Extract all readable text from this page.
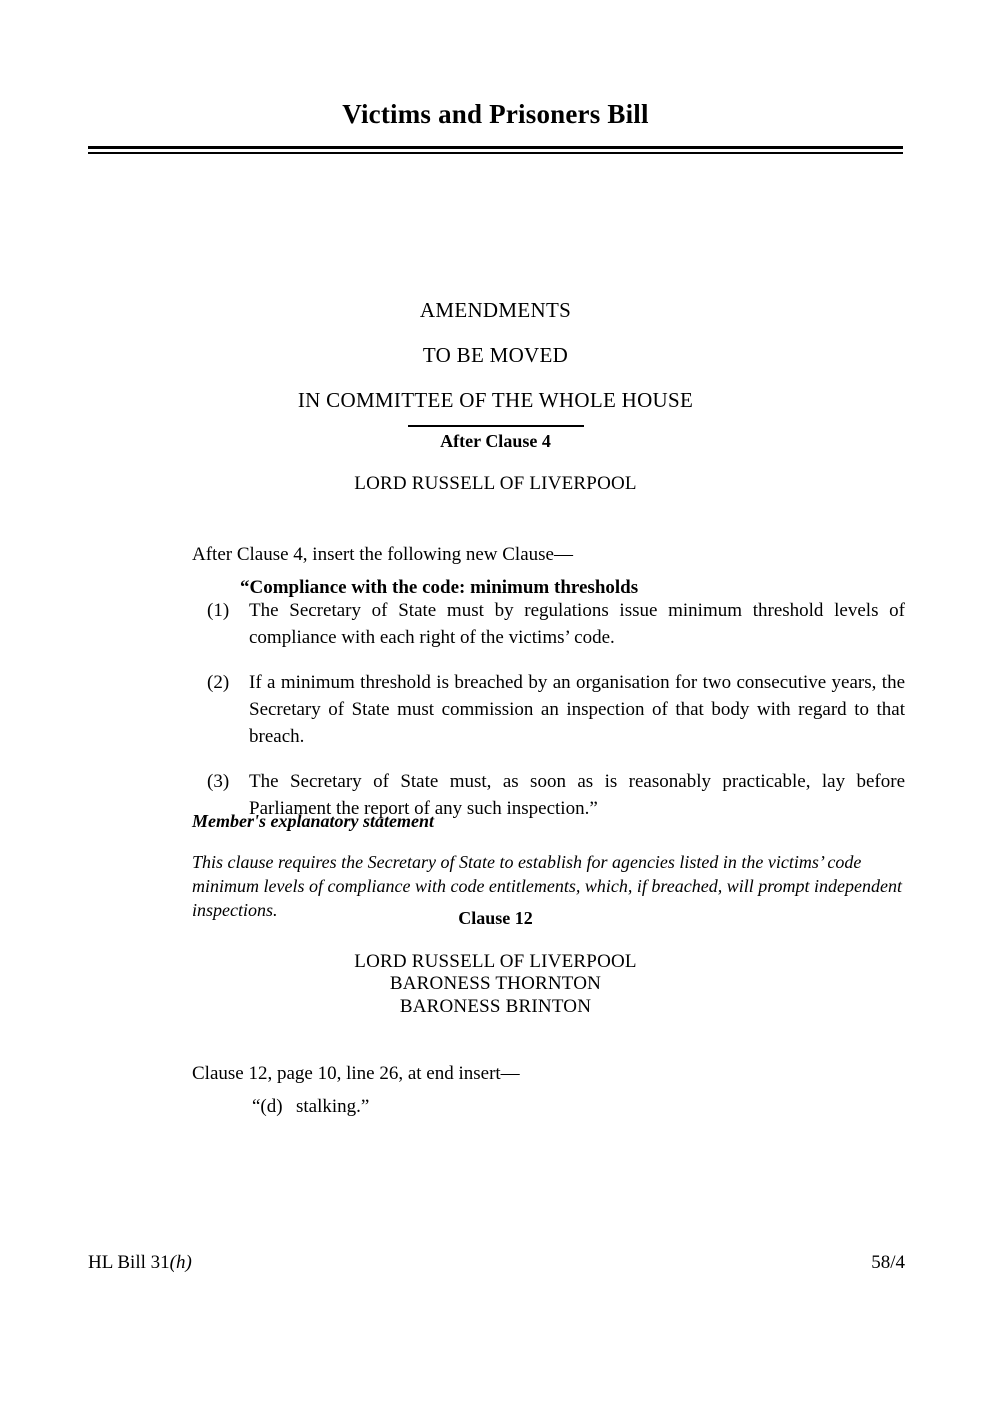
Victims and Prisoners Bill

AMENDMENTS

TO BE MOVED

IN COMMITTEE OF THE WHOLE HOUSE

After Clause 4
LORD RUSSELL OF LIVERPOOL

After Clause 4, insert the following new Clause—

“Compliance with the code: minimum thresholds

(1)	The Secretary of State must by regulations issue minimum threshold levels of compliance with each right of the victims’ code.
(2)	If a minimum threshold is breached by an organisation for two consecutive years, the Secretary of State must commission an inspection of that body with regard to that breach.
(3)	The Secretary of State must, as soon as is reasonably practicable, lay before Parliament the report of any such inspection.”

Member's explanatory statement

This clause requires the Secretary of State to establish for agencies listed in the victims’ code minimum levels of compliance with code entitlements, which, if breached, will prompt independent inspections.	Clause 12
LORD RUSSELL OF LIVERPOOL
BARONESS THORNTON
BARONESS BRINTON

Clause 12, page 10, line 26, at end insert—

“(d) stalking.”

HL Bill 31(h)	58/4
